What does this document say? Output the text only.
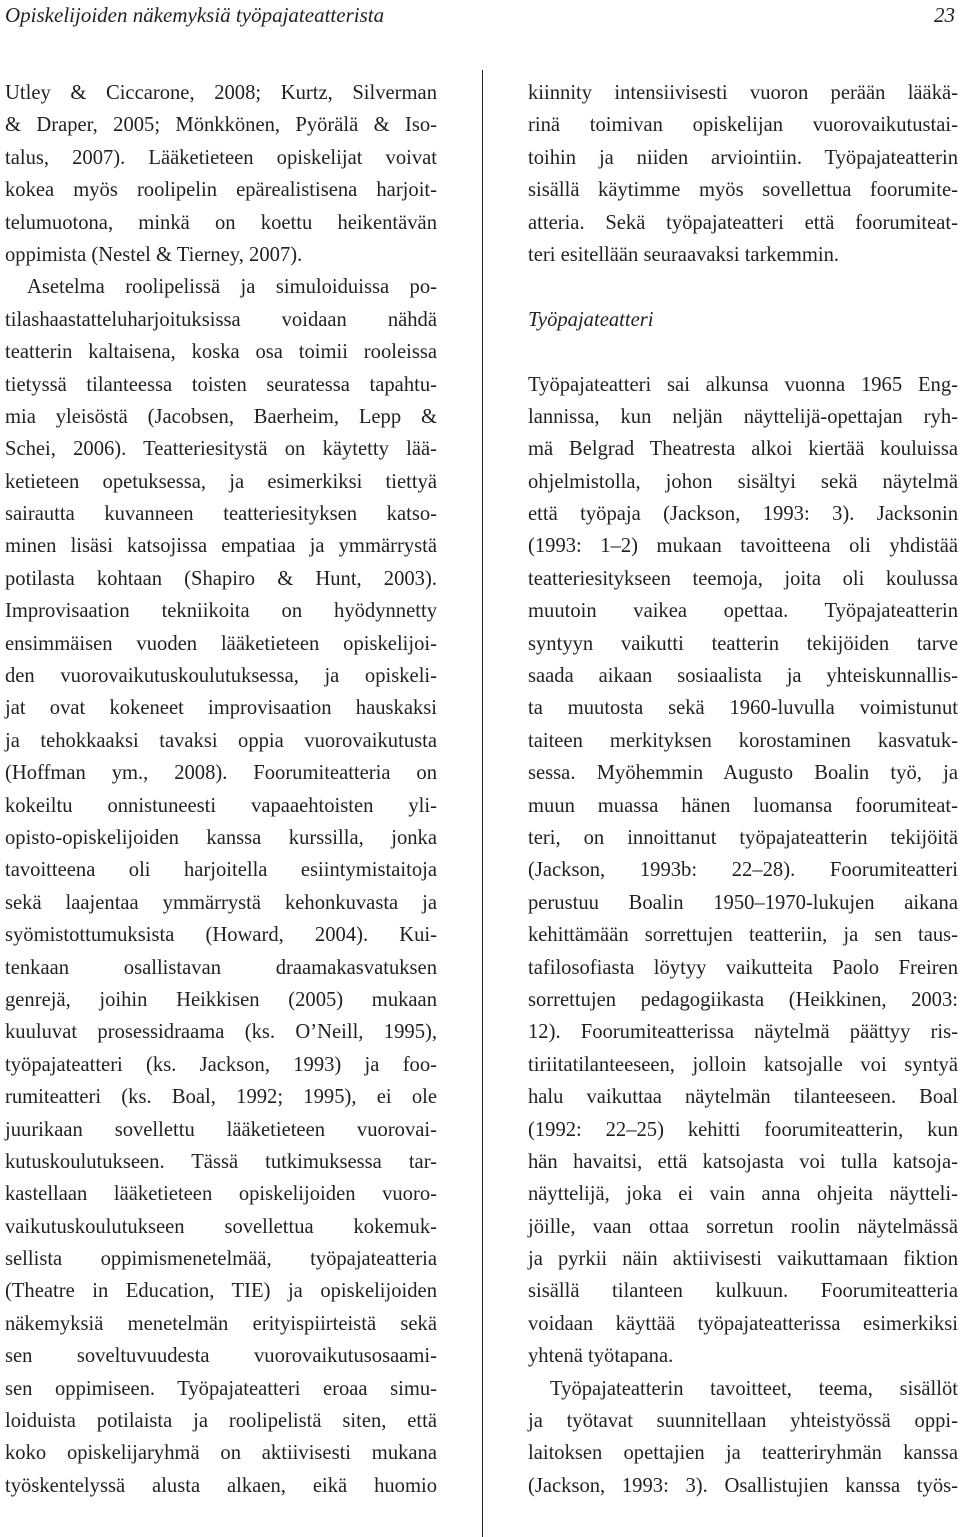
Opiskelijoiden näkemyksiä työpajateatterista	23
Utley & Ciccarone, 2008; Kurtz, Silverman
& Draper, 2005; Mönkkönen, Pyörälä & Iso-
talus, 2007). Lääketieteen opiskelijat voivat
kokea myös roolipelin epärealistisena harjoit-
telumuotona, minkä on koettu heikentävän
oppimista (Nestel & Tierney, 2007).
Asetelma roolipelissä ja simuloiduissa po-
tilashaastatteluharjoituksissa voidaan nähdä
teatterin kaltaisena, koska osa toimii rooleissa
tietyssä tilanteessa toisten seuratessa tapahtu-
mia yleisöstä (Jacobsen, Baerheim, Lepp &
Schei, 2006). Teatteriesitystä on käytetty lää-
ketieteen opetuksessa, ja esimerkiksi tiettyä
sairautta kuvanneen teatteriesityksen katso-
minen lisäsi katsojissa empatiaa ja ymmärrystä
potilasta kohtaan (Shapiro & Hunt, 2003).
Improvisaation tekniikoita on hyödynnetty
ensimmäisen vuoden lääketieteen opiskelijoi-
den vuorovaikutuskoulutuksessa, ja opiskeli-
jat ovat kokeneet improvisaation hauskaksi
ja tehokkaaksi tavaksi oppia vuorovaikutusta
(Hoffman ym., 2008). Foorumiteatteria on
kokeiltu onnistuneesti vapaaehtoisten yli-
opisto-opiskelijoiden kanssa kurssilla, jonka
tavoitteena oli harjoitella esiintymistaitoja
sekä laajentaa ymmärrystä kehonkuvasta ja
syömistottumuksista (Howard, 2004). Kui-
tenkaan osallistavan draamakasvatuksen
genrejä, joihin Heikkisen (2005) mukaan
kuuluvat prosessidraama (ks. O’Neill, 1995),
työpajateatteri (ks. Jackson, 1993) ja foo-
rumiteatteri (ks. Boal, 1992; 1995), ei ole
juurikaan sovellettu lääketieteen vuorovai-
kutuskoulutukseen. Tässä tutkimuksessa tar-
kastellaan lääketieteen opiskelijoiden vuoro-
vaikutuskoulutukseen sovellettua kokemuk-
sellista oppimismenetelmää, työpajateatteria
(Theatre in Education, TIE) ja opiskelijoiden
näkemyksiä menetelmän erityispiirteistä sekä
sen soveltuvuudesta vuorovaikutusosaami-
sen oppimiseen. Työpajateatteri eroaa simu-
loiduista potilaista ja roolipelistä siten, että
koko opiskelijaryhmä on aktiivisesti mukana
työskentelyssä alusta alkaen, eikä huomio
kiinnity intensiivisesti vuoron perään lääkä-
rinä toimivan opiskelijan vuorovaikutustai-
toihin ja niiden arviointiin. Työpajateatterin
sisällä käytimme myös sovellettua foorumite-
atteria. Sekä työpajateatteri että foorumiteat-
teri esitellään seuraavaksi tarkemmin.
Työpajateatteri
Työpajateatteri sai alkunsa vuonna 1965 Eng-
lannissa, kun neljän näyttelijä-opettajan ryh-
mä Belgrad Theatresta alkoi kiertää kouluissa
ohjelmistolla, johon sisältyi sekä näytelmä
että työpaja (Jackson, 1993: 3). Jacksonin
(1993: 1–2) mukaan tavoitteena oli yhdistää
teatteriesitykseen teemoja, joita oli koulussa
muutoin vaikea opettaa. Työpajateatterin
syntyyn vaikutti teatterin tekijöiden tarve
saada aikaan sosiaalista ja yhteiskunnallis-
ta muutosta sekä 1960-luvulla voimistunut
taiteen merkityksen korostaminen kasvatuk-
sessa. Myöhemmin Augusto Boalin työ, ja
muun muassa hänen luomansa foorumiteat-
teri, on innoittanut työpajateatterin tekijöitä
(Jackson, 1993b: 22–28). Foorumiteatteri
perustuu Boalin 1950–1970-lukujen aikana
kehittämään sorrettujen teatteriin, ja sen taus-
tafilosofiasta löytyy vaikutteita Paolo Freiren
sorrettujen pedagogiikasta (Heikkinen, 2003:
12). Foorumiteatterissa näytelmä päättyy ris-
tiriitatilanteeseen, jolloin katsojalle voi syntyä
halu vaikuttaa näytelmän tilanteeseen. Boal
(1992: 22–25) kehitti foorumiteatterin, kun
hän havaitsi, että katsojasta voi tulla katsoja-
näyttelijä, joka ei vain anna ohjeita näytteli-
jöille, vaan ottaa sorretun roolin näytelmässä
ja pyrkii näin aktiivisesti vaikuttamaan fiktion
sisällä tilanteen kulkuun. Foorumiteatteria
voidaan käyttää työpajateatterissa esimerkiksi
yhtenä työtapana.
Työpajateatterin tavoitteet, teema, sisällöt
ja työtavat suunnitellaan yhteistyössä oppi-
laitoksen opettajien ja teatteriryhmän kanssa
(Jackson, 1993: 3). Osallistujien kanssa työs-
